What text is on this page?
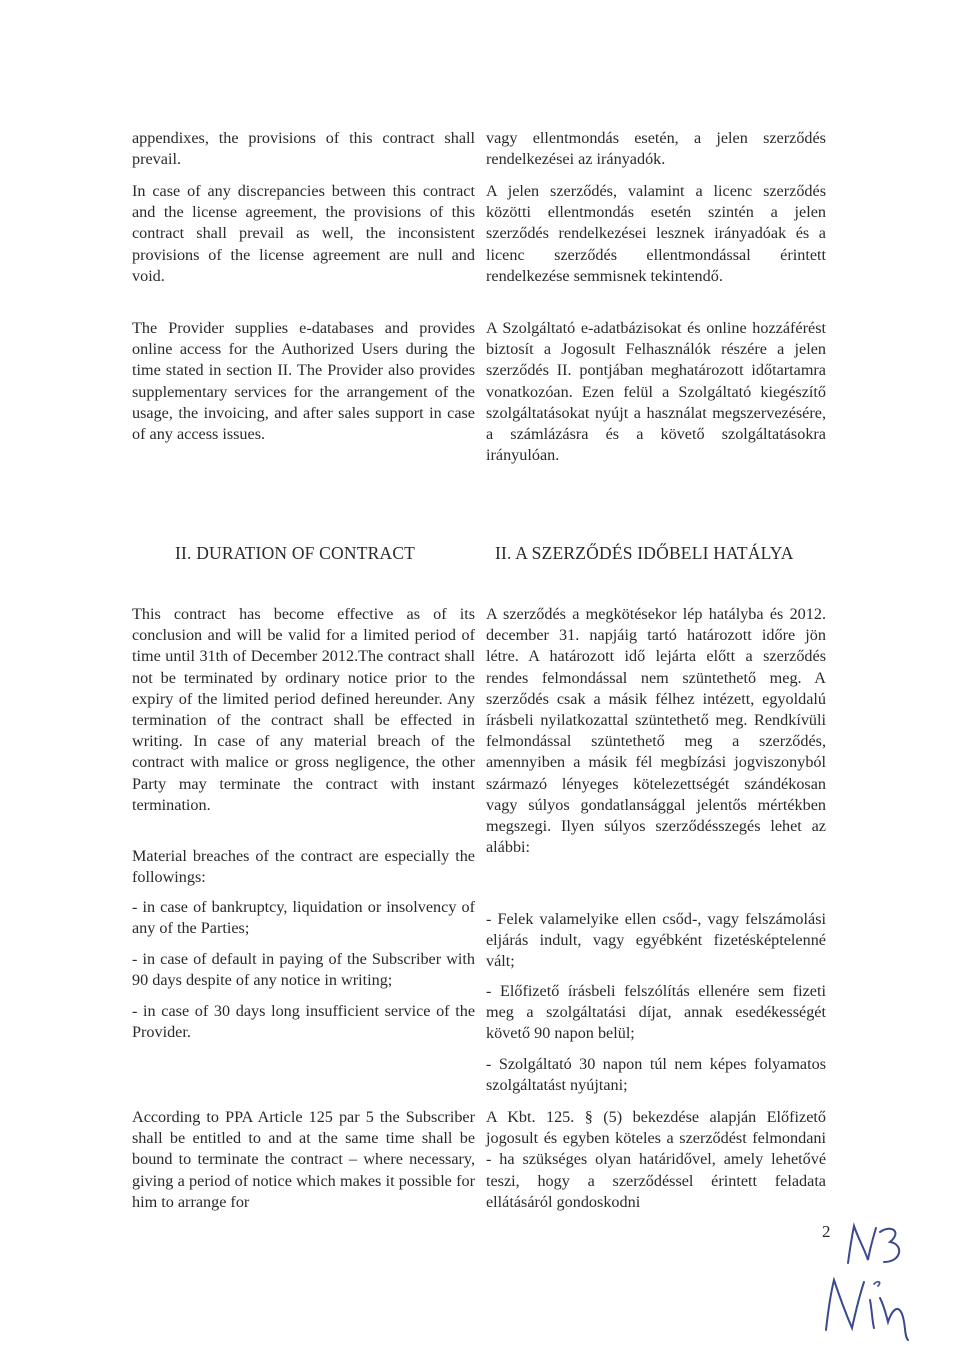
appendixes, the provisions of this contract shall prevail.

In case of any discrepancies between this contract and the license agreement, the provisions of this contract shall prevail as well, the inconsistent provisions of the license agreement are null and void.

The Provider supplies e-databases and provides online access for the Authorized Users during the time stated in section II. The Provider also provides supplementary services for the arrangement of the usage, the invoicing, and after sales support in case of any access issues.

II. DURATION OF CONTRACT

This contract has become effective as of its conclusion and will be valid for a limited period of time until 31th of December 2012.The contract shall not be terminated by ordinary notice prior to the expiry of the limited period defined hereunder. Any termination of the contract shall be effected in writing. In case of any material breach of the contract with malice or gross negligence, the other Party may terminate the contract with instant termination.

Material breaches of the contract are especially the followings:

- in case of bankruptcy, liquidation or insolvency of any of the Parties;

- in case of default in paying of the Subscriber with 90 days despite of any notice in writing;

- in case of 30 days long insufficient service of the Provider.

According to PPA Article 125 par 5 the Subscriber shall be entitled to and at the same time shall be bound to terminate the contract – where necessary, giving a period of notice which makes it possible for him to arrange for

vagy ellentmondás esetén, a jelen szerződés rendelkezései az irányadók.

A jelen szerződés, valamint a licenc szerződés közötti ellentmondás esetén szintén a jelen szerződés rendelkezései lesznek irányadóak és a licenc szerződés ellentmondással érintett rendelkezése semmisnek tekintendő.

A Szolgáltató e-adatbázisokat és online hozzáférést biztosít a Jogosult Felhasználók részére a jelen szerződés II. pontjában meghatározott időtartamra vonatkozóan. Ezen felül a Szolgáltató kiegészítő szolgáltatásokat nyújt a használat megszervezésére, a számlázásra és a követő szolgáltatásokra irányulóan.

II. A SZERZŐDÉS IDŐBELI HATÁLYA

A szerződés a megkötésekor lép hatályba és 2012. december 31. napjáig tartó határozott időre jön létre. A határozott idő lejárta előtt a szerződés rendes felmondással nem szüntethető meg. A szerződés csak a másik félhez intézett, egyoldalú írásbeli nyilatkozattal szüntethető meg. Rendkívüli felmondással szüntethető meg a szerződés, amennyiben a másik fél megbízási jogviszonyból származó lényeges kötelezettségét szándékosan vagy súlyos gondatlansággal jelentős mértékben megszegi. Ilyen súlyos szerződésszegés lehet az alábbi:

- Felek valamelyike ellen csőd-, vagy felszámolási eljárás indult, vagy egyébként fizetésképtelenné vált;

- Előfizető írásbeli felszólítás ellenére sem fizeti meg a szolgáltatási díjat, annak esedékességét követő 90 napon belül;

- Szolgáltató 30 napon túl nem képes folyamatos szolgáltatást nyújtani;

A Kbt. 125. § (5) bekezdése alapján Előfizető jogosult és egyben köteles a szerződést felmondani - ha szükséges olyan határidővel, amely lehetővé teszi, hogy a szerződéssel érintett feladata ellátásáról gondoskodni

2
